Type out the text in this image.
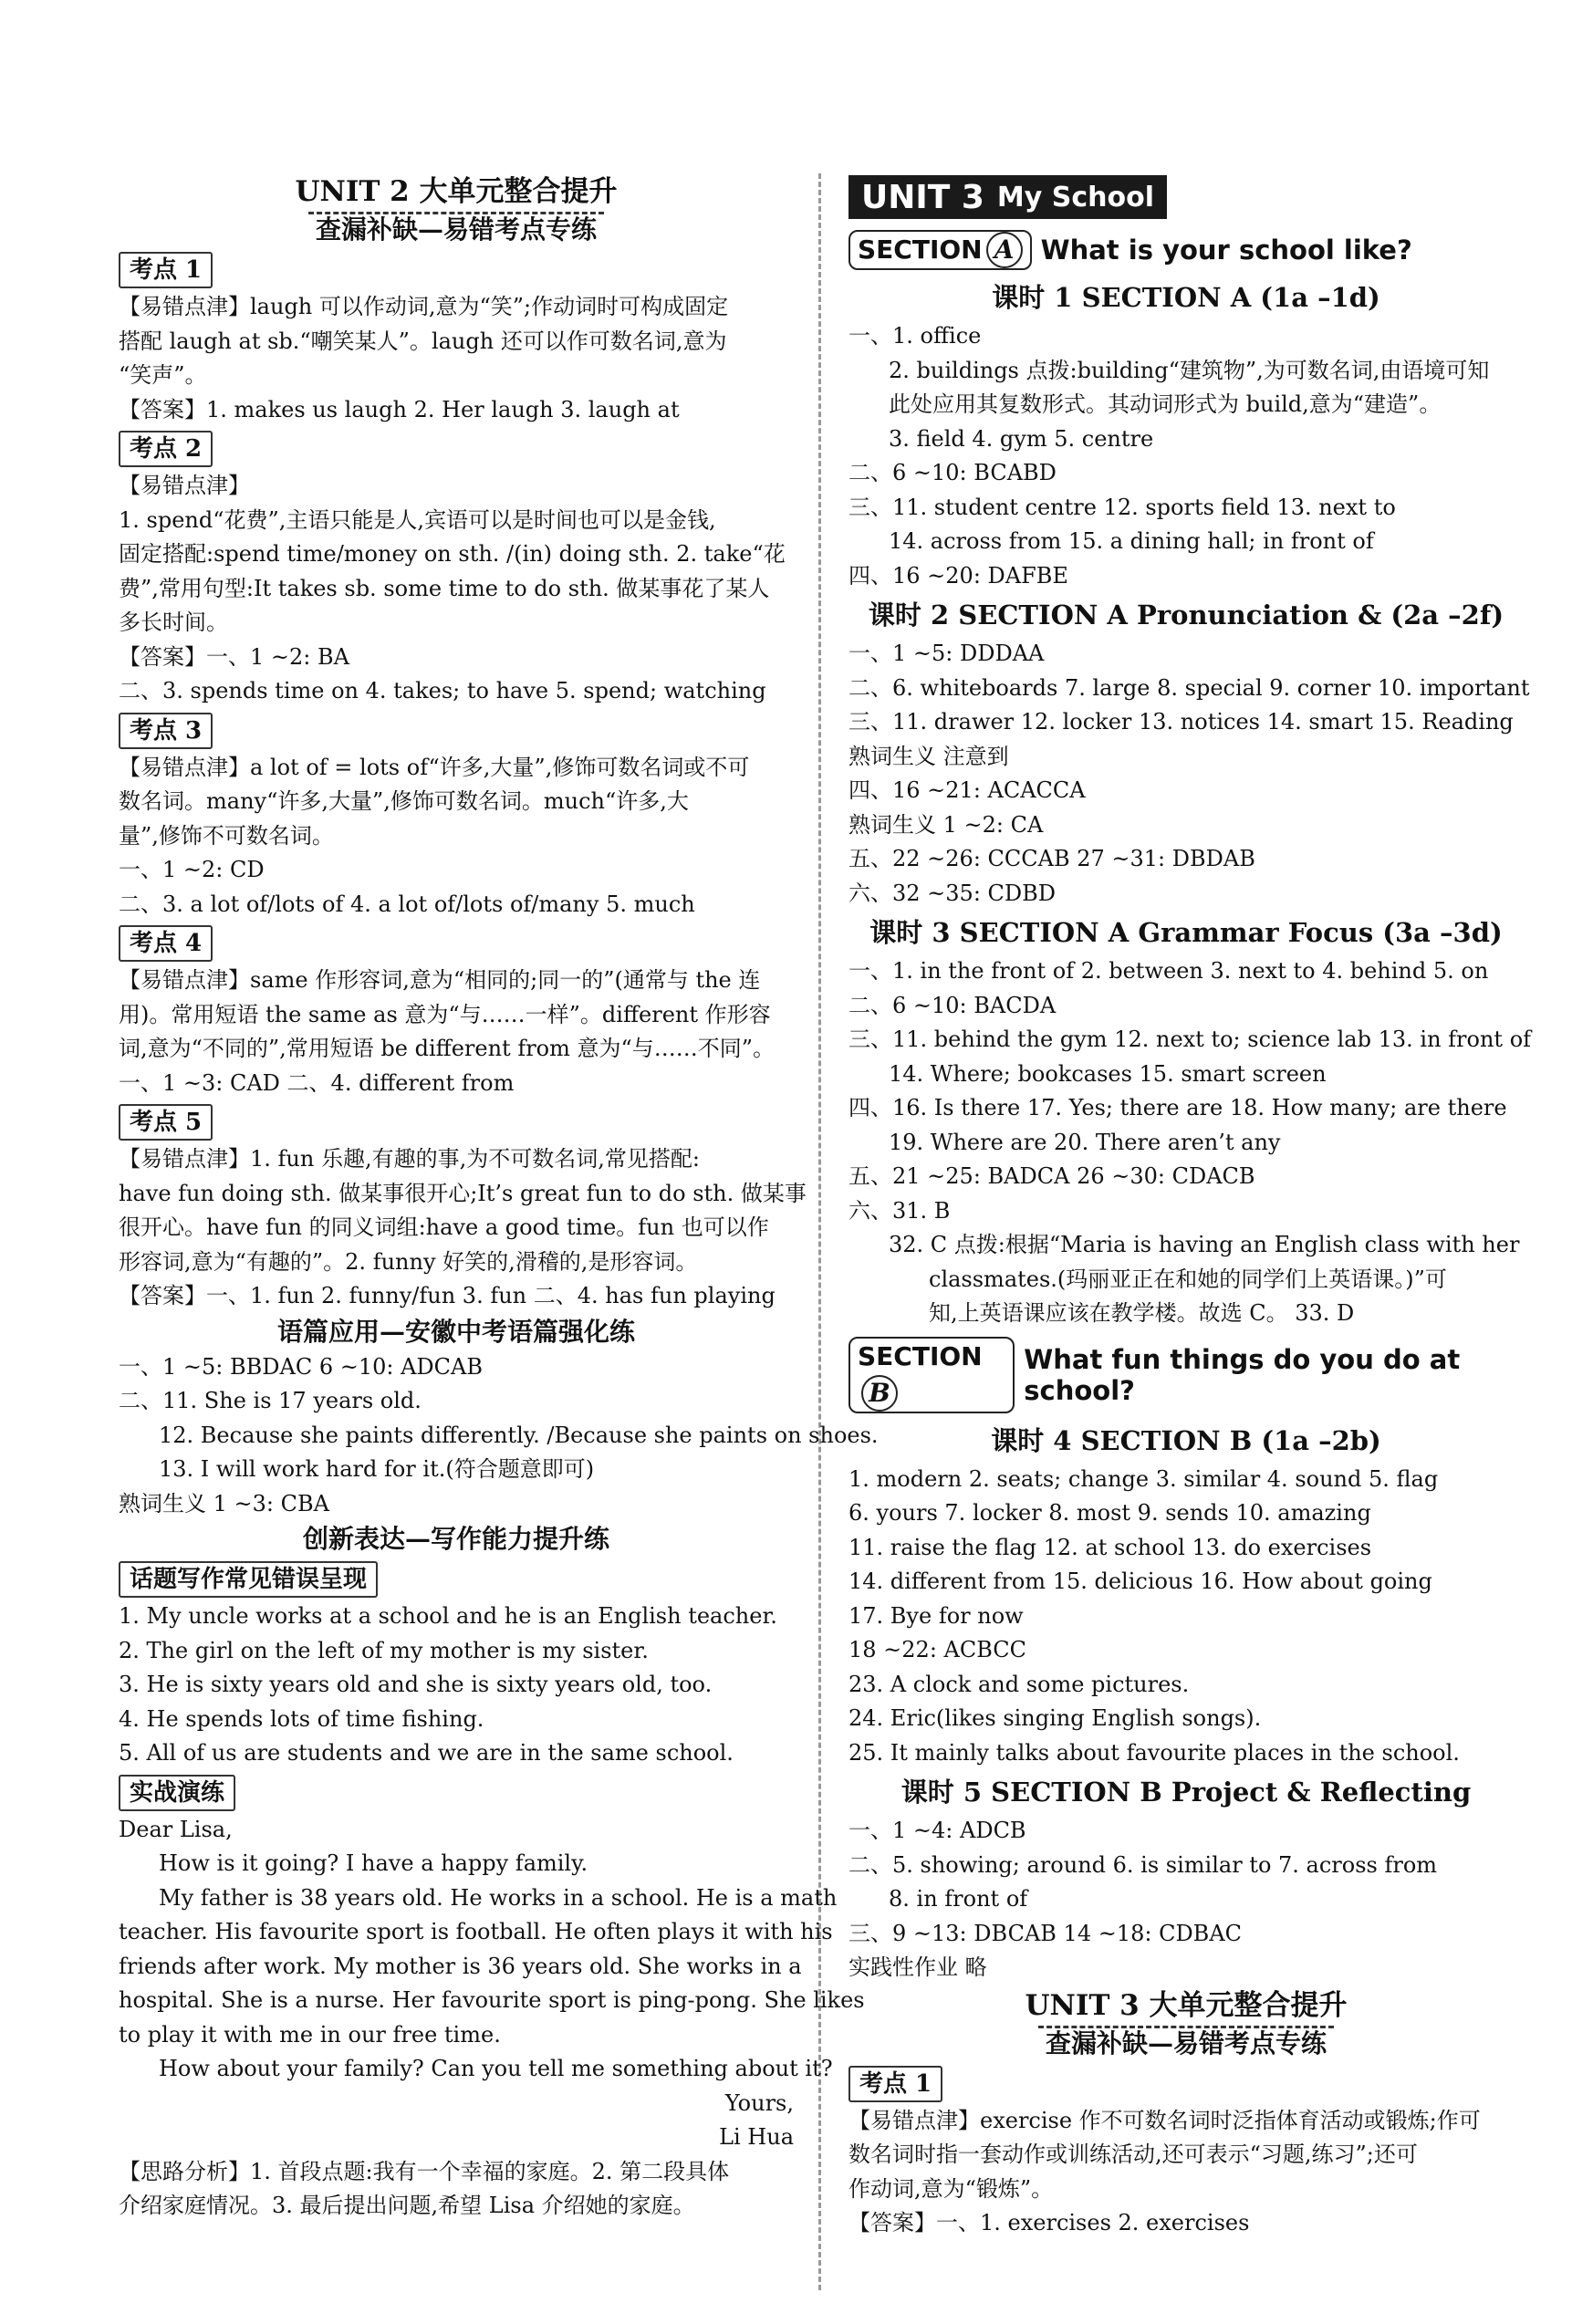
UNIT 2 大单元整合提升
查漏补缺—易错考点专练
考点 1
【易错点津】laugh 可以作动词,意为“笑”;作动词时可构成固定
搭配 laugh at sb.“嘲笑某人”。laugh 还可以作可数名词,意为
“笑声”。
【答案】1. makes us laugh 2. Her laugh 3. laugh at
考点 2
【易错点津】
1. spend“花费”,主语只能是人,宾语可以是时间也可以是金钱,
固定搭配:spend time/money on sth. /(in) doing sth. 2. take“花
费”,常用句型:It takes sb. some time to do sth. 做某事花了某人
多长时间。
【答案】一、1 ~2: BA
二、3. spends time on 4. takes; to have 5. spend; watching
考点 3
【易错点津】a lot of = lots of“许多,大量”,修饰可数名词或不可
数名词。many“许多,大量”,修饰可数名词。much“许多,大
量”,修饰不可数名词。
一、1 ~2: CD
二、3. a lot of/lots of 4. a lot of/lots of/many 5. much
考点 4
【易错点津】same 作形容词,意为“相同的;同一的”(通常与 the 连
用)。常用短语 the same as 意为“与……一样”。different 作形容
词,意为“不同的”,常用短语 be different from 意为“与……不同”。
一、1 ~3: CAD 二、4. different from
考点 5
【易错点津】1. fun 乐趣,有趣的事,为不可数名词,常见搭配:
have fun doing sth. 做某事很开心;It’s great fun to do sth. 做某事
很开心。have fun 的同义词组:have a good time。fun 也可以作
形容词,意为“有趣的”。2. funny 好笑的,滑稽的,是形容词。
【答案】一、1. fun 2. funny/fun 3. fun 二、4. has fun playing
语篇应用—安徽中考语篇强化练
一、1 ~5: BBDAC 6 ~10: ADCAB
二、11. She is 17 years old.
12. Because she paints differently. /Because she paints on shoes.
13. I will work hard for it.(符合题意即可)
熟词生义 1 ~3: CBA
创新表达—写作能力提升练
话题写作常见错误呈现
1. My uncle works at a school and he is an English teacher.
2. The girl on the left of my mother is my sister.
3. He is sixty years old and she is sixty years old, too.
4. He spends lots of time fishing.
5. All of us are students and we are in the same school.
实战演练
Dear Lisa,
How is it going? I have a happy family.
My father is 38 years old. He works in a school. He is a math
teacher. His favourite sport is football. He often plays it with his
friends after work. My mother is 36 years old. She works in a
hospital. She is a nurse. Her favourite sport is ping-pong. She likes
to play it with me in our free time.
How about your family? Can you tell me something about it?
Yours,
Li Hua
【思路分析】1. 首段点题:我有一个幸福的家庭。2. 第二段具体
介绍家庭情况。3. 最后提出问题,希望 Lisa 介绍她的家庭。
UNIT 3 My School
SECTION A	What is your school like?
课时 1 SECTION A (1a –1d)
一、1. office
2. buildings 点拨:building“建筑物”,为可数名词,由语境可知
此处应用其复数形式。其动词形式为 build,意为“建造”。
3. field 4. gym 5. centre
二、6 ~10: BCABD
三、11. student centre 12. sports field 13. next to
14. across from 15. a dining hall; in front of
四、16 ~20: DAFBE
课时 2 SECTION A Pronunciation & (2a –2f)
一、1 ~5: DDDAA
二、6. whiteboards 7. large 8. special 9. corner 10. important
三、11. drawer 12. locker 13. notices 14. smart 15. Reading
熟词生义 注意到
四、16 ~21: ACACCA
熟词生义 1 ~2: CA
五、22 ~26: CCCAB 27 ~31: DBDAB
六、32 ~35: CDBD
课时 3 SECTION A Grammar Focus (3a –3d)
一、1. in the front of 2. between 3. next to 4. behind 5. on
二、6 ~10: BACDA
三、11. behind the gym 12. next to; science lab 13. in front of
14. Where; bookcases 15. smart screen
四、16. Is there 17. Yes; there are 18. How many; are there
19. Where are 20. There aren’t any
五、21 ~25: BADCA 26 ~30: CDACB
六、31. B
32. C 点拨:根据“Maria is having an English class with her
classmates.(玛丽亚正在和她的同学们上英语课。)”可
知,上英语课应该在教学楼。故选 C。 33. D
SECTIONB
What fun things do you do at school?
课时 4 SECTION B (1a –2b)
1. modern 2. seats; change 3. similar 4. sound 5. flag
6. yours 7. locker 8. most 9. sends 10. amazing
11. raise the flag 12. at school 13. do exercises
14. different from 15. delicious 16. How about going
17. Bye for now
18 ~22: ACBCC
23. A clock and some pictures.
24. Eric(likes singing English songs).
25. It mainly talks about favourite places in the school.
课时 5 SECTION B Project & Reflecting
一、1 ~4: ADCB
二、5. showing; around 6. is similar to 7. across from
8. in front of
三、9 ~13: DBCAB 14 ~18: CDBAC
实践性作业 略
UNIT 3 大单元整合提升
查漏补缺—易错考点专练
考点 1
【易错点津】exercise 作不可数名词时泛指体育活动或锻炼;作可
数名词时指一套动作或训练活动,还可表示“习题,练习”;还可
作动词,意为“锻炼”。
【答案】一、1. exercises 2. exercises
